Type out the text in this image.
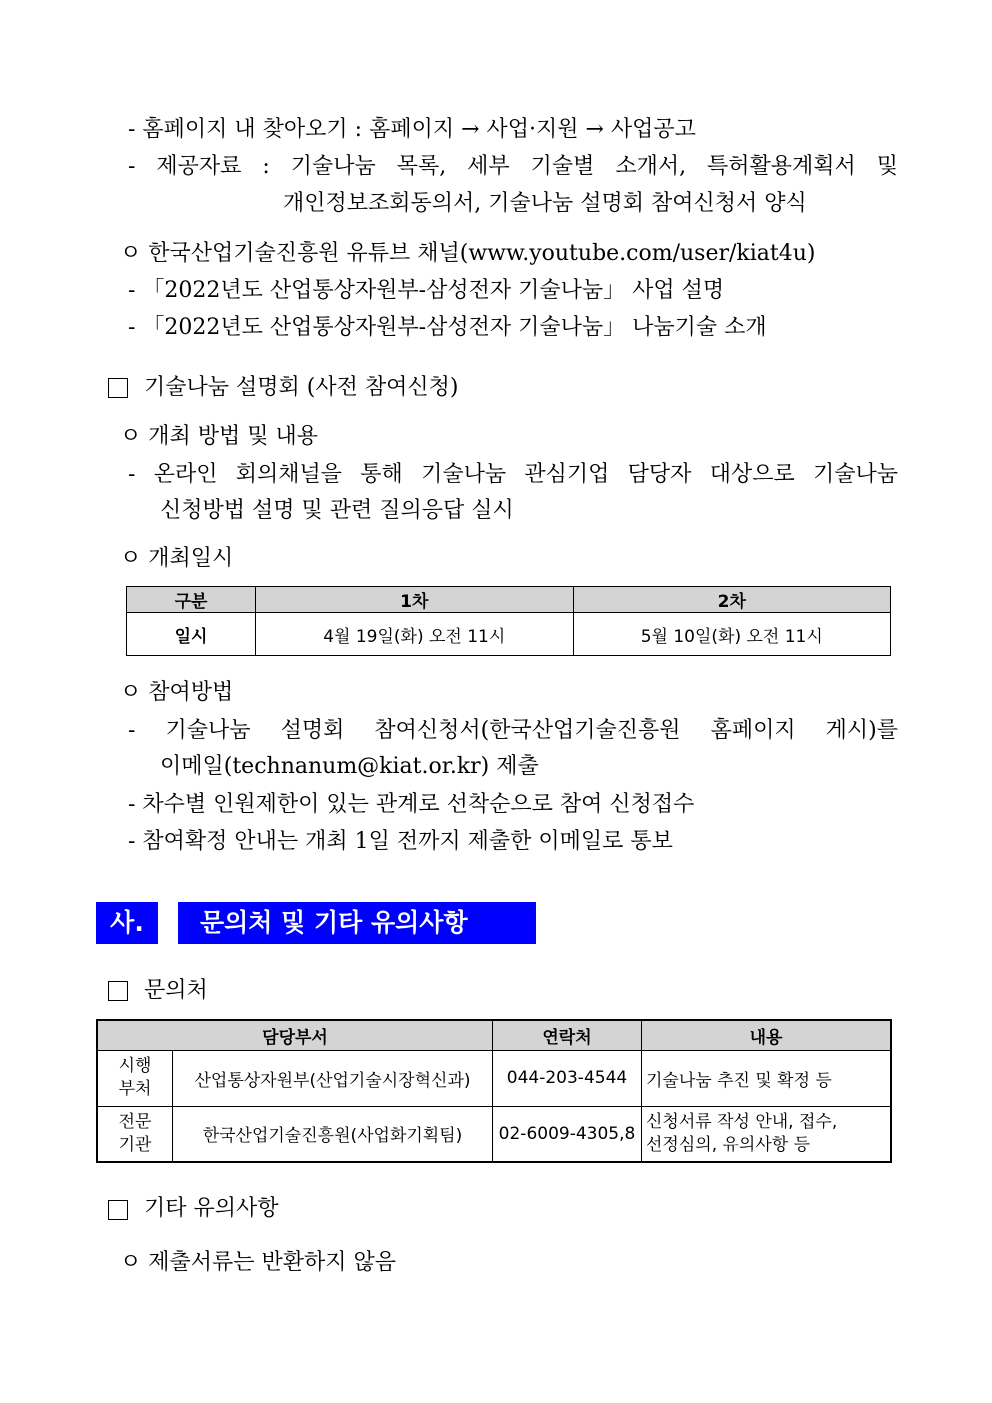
- 홈페이지 내 찾아오기 : 홈페이지 → 사업·지원 → 사업공고
- 제공자료 : 기술나눔 목록, 세부 기술별 소개서, 특허활용계획서 및
개인정보조회동의서, 기술나눔 설명회 참여신청서 양식
ㅇ 한국산업기술진흥원 유튜브 채널(www.youtube.com/user/kiat4u)
- 「2022년도 산업통상자원부-삼성전자 기술나눔」 사업 설명
- 「2022년도 산업통상자원부-삼성전자 기술나눔」 나눔기술 소개
기술나눔 설명회 (사전 참여신청)
ㅇ 개최 방법 및 내용
- 온라인 회의채널을 통해 기술나눔 관심기업 담당자 대상으로 기술나눔
신청방법 설명 및 관련 질의응답 실시
ㅇ 개최일시
구분	1차	2차
일시	4월 19일(화) 오전 11시	5월 10일(화) 오전 11시
ㅇ 참여방법
- 기술나눔 설명회 참여신청서(한국산업기술진흥원 홈페이지 게시)를
이메일(technanum@kiat.or.kr) 제출
- 차수별 인원제한이 있는 관계로 선착순으로 참여 신청접수
- 참여확정 안내는 개최 1일 전까지 제출한 이메일로 통보
사.	문의처 및 기타 유의사항
문의처
담당부서		연락처	내용
시행
부처	산업통상자원부(산업기술시장혁신과)	044-203-4544	기술나눔 추진 및 확정 등
전문
기관	한국산업기술진흥원(사업화기획팀)	02-6009-4305,8	신청서류 작성 안내, 접수,
선정심의, 유의사항 등
기타 유의사항
ㅇ 제출서류는 반환하지 않음
